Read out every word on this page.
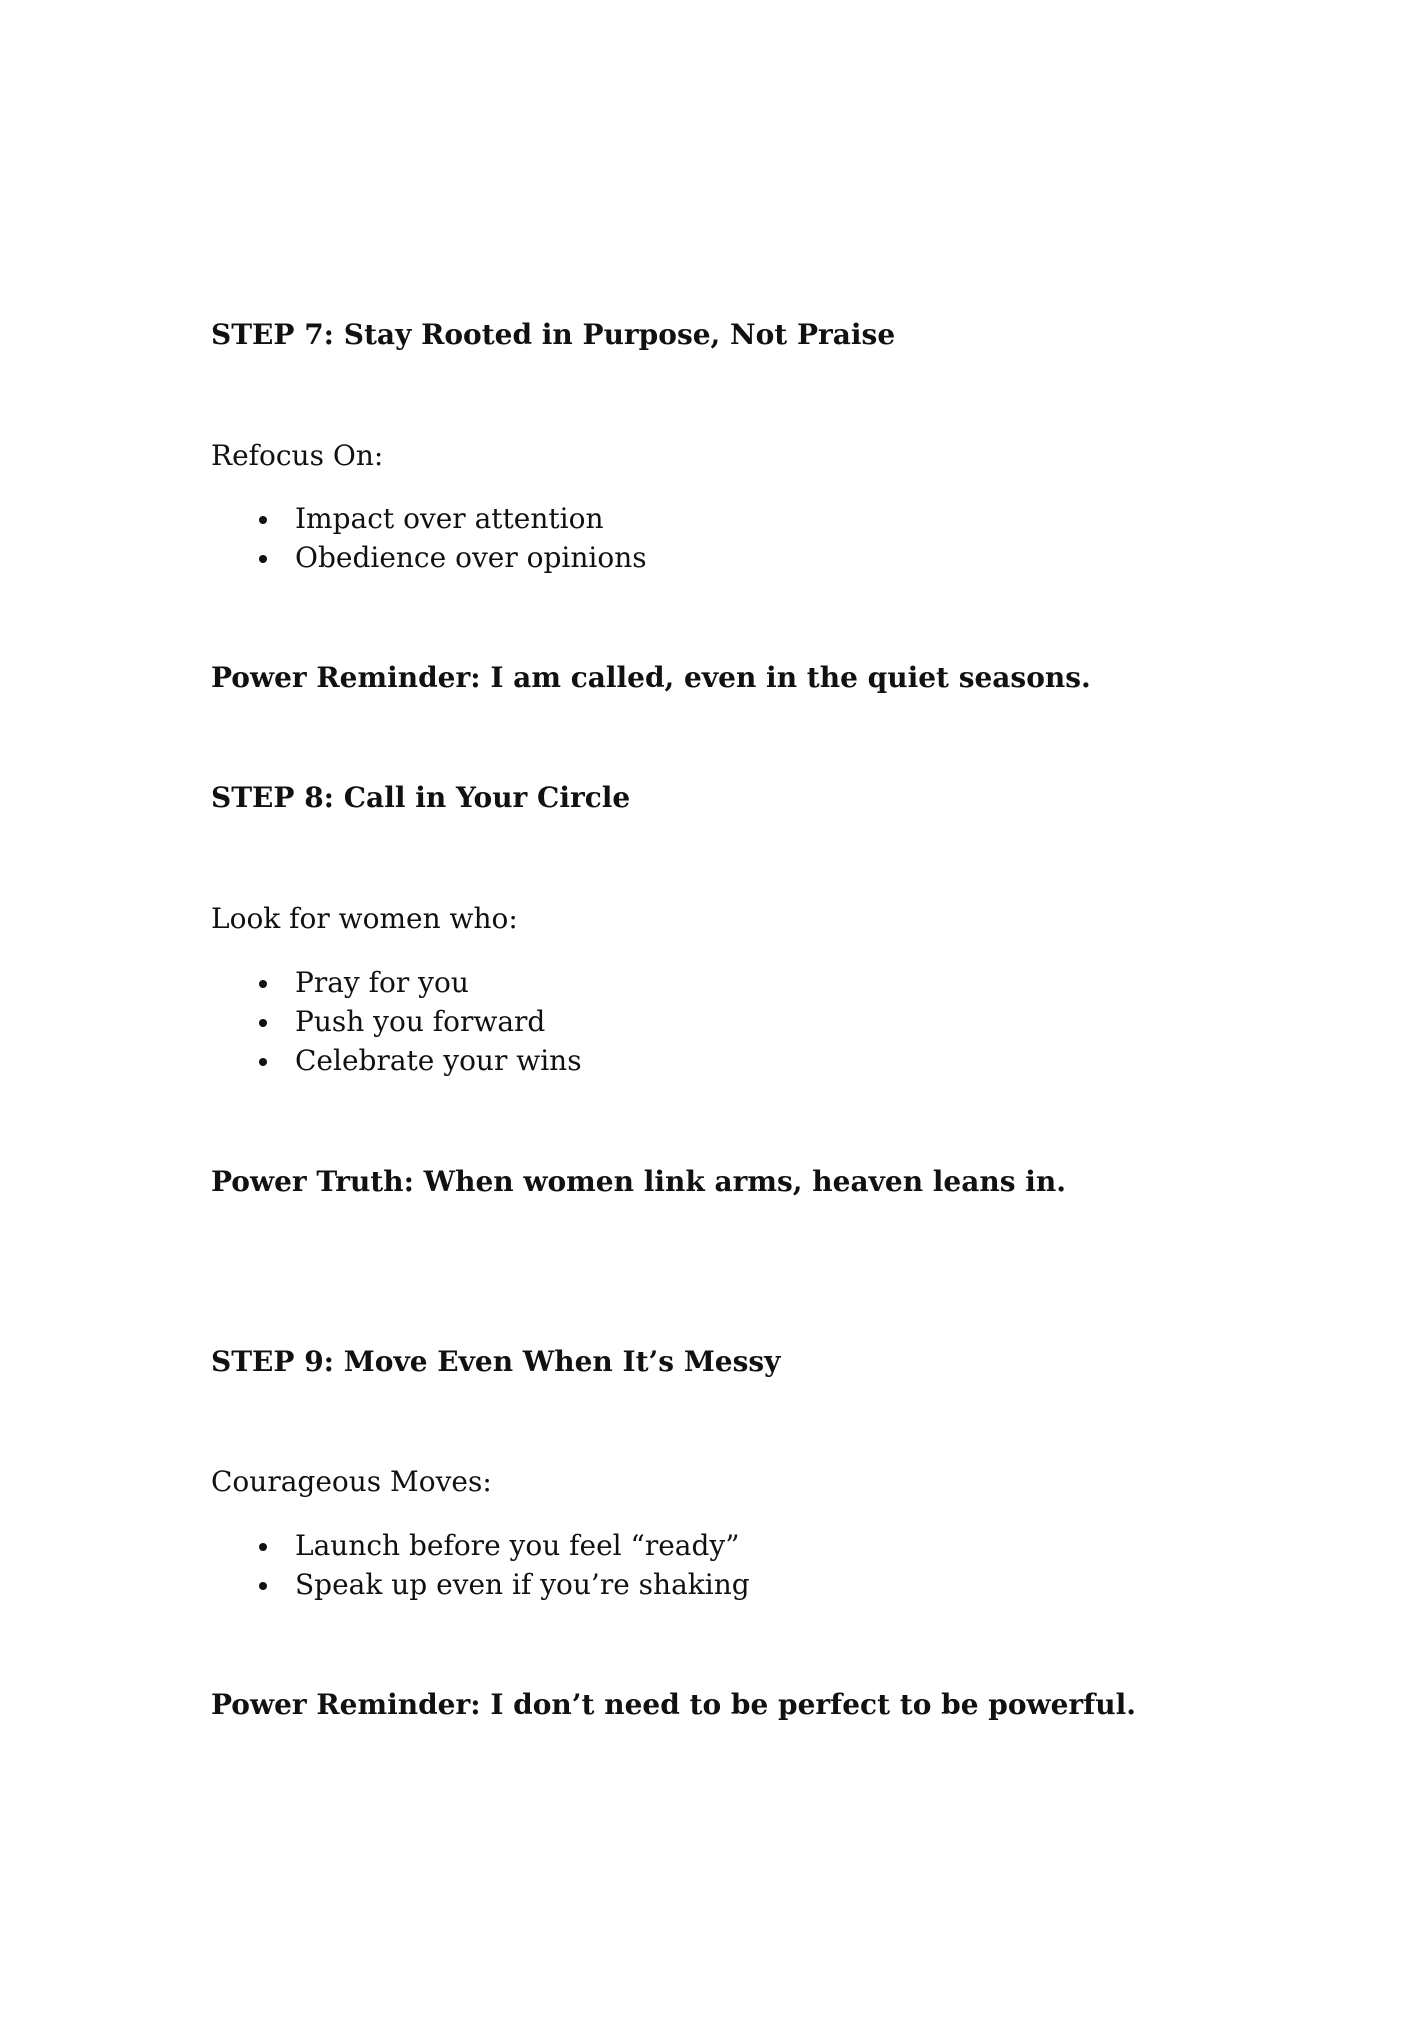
STEP 7: Stay Rooted in Purpose, Not Praise

Refocus On:

Impact over attention
Obedience over opinions

Power Reminder: I am called, even in the quiet seasons.

STEP 8: Call in Your Circle

Look for women who:

Pray for you
Push you forward
Celebrate your wins

Power Truth: When women link arms, heaven leans in.

STEP 9: Move Even When It’s Messy

Courageous Moves:

Launch before you feel “ready”
Speak up even if you’re shaking

Power Reminder: I don’t need to be perfect to be powerful.
